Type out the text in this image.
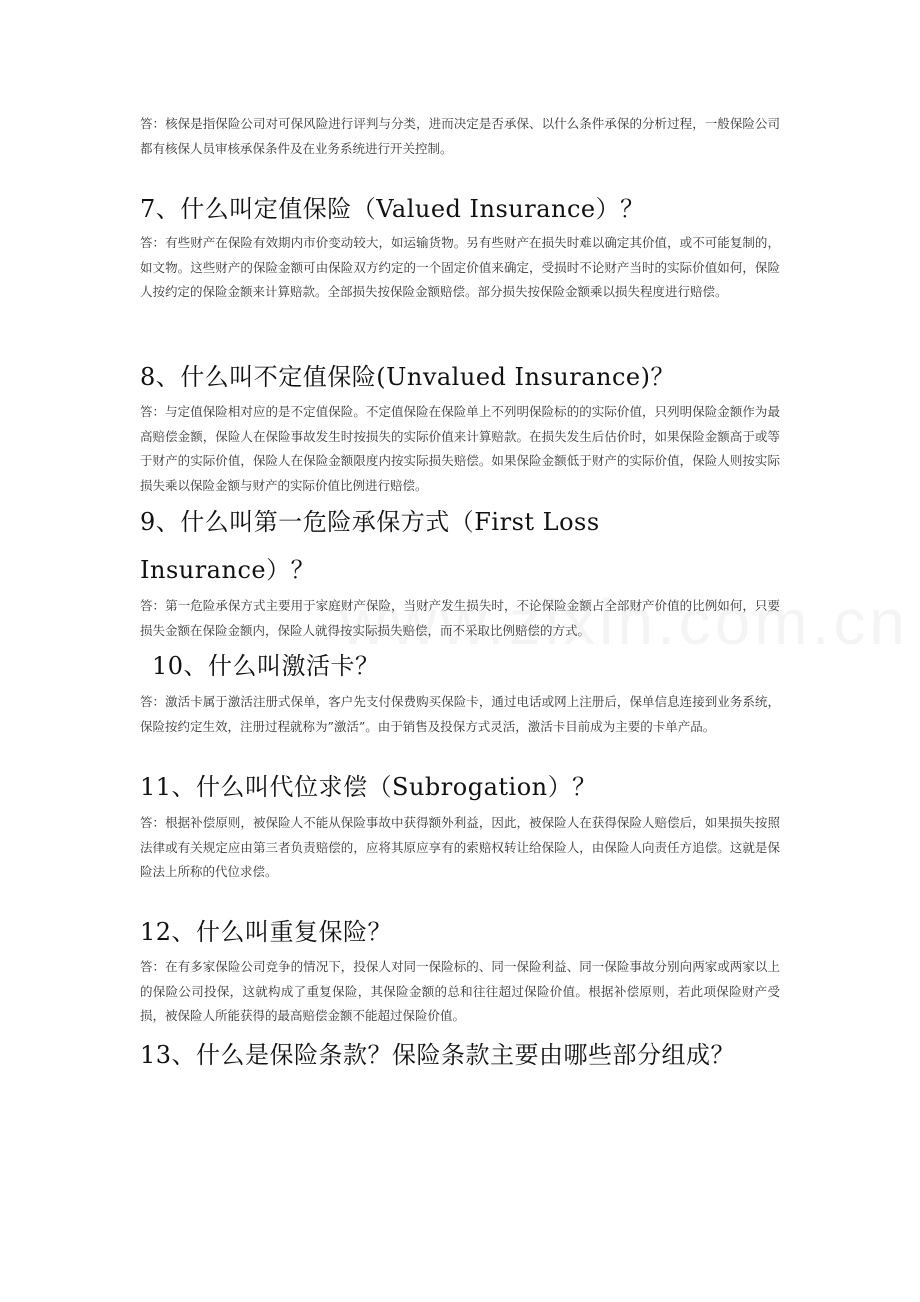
答：核保是指保险公司对可保风险进行评判与分类，进而决定是否承保、以什么条件承保的分析过程，一般保险公司都有核保人员审核承保条件及在业务系统进行开关控制。

7、什么叫定值保险（Valued Insurance）？

答：有些财产在保险有效期内市价变动较大，如运输货物。另有些财产在损失时难以确定其价值，或不可能复制的，如文物。这些财产的保险金额可由保险双方约定的一个固定价值来确定，受损时不论财产当时的实际价值如何，保险人按约定的保险金额来计算赔款。全部损失按保险金额赔偿。部分损失按保险金额乘以损失程度进行赔偿。

8、什么叫不定值保险(Unvalued Insurance)？

答：与定值保险相对应的是不定值保险。不定值保险在保险单上不列明保险标的的实际价值，只列明保险金额作为最高赔偿金额，保险人在保险事故发生时按损失的实际价值来计算赔款。在损失发生后估价时，如果保险金额高于或等于财产的实际价值，保险人在保险金额限度内按实际损失赔偿。如果保险金额低于财产的实际价值，保险人则按实际损失乘以保险金额与财产的实际价值比例进行赔偿。

9、什么叫第一危险承保方式（First Loss Insurance）？

答：第一危险承保方式主要用于家庭财产保险，当财产发生损失时，不论保险金额占全部财产价值的比例如何，只要损失金额在保险金额内，保险人就得按实际损失赔偿，而不采取比例赔偿的方式。

10、什么叫激活卡？

答：激活卡属于激活注册式保单，客户先支付保费购买保险卡，通过电话或网上注册后，保单信息连接到业务系统，保险按约定生效，注册过程就称为”激活”。由于销售及投保方式灵活，激活卡目前成为主要的卡单产品。

11、什么叫代位求偿（Subrogation）？

答：根据补偿原则，被保险人不能从保险事故中获得额外利益，因此，被保险人在获得保险人赔偿后，如果损失按照法律或有关规定应由第三者负责赔偿的，应将其原应享有的索赔权转让给保险人，由保险人向责任方追偿。这就是保险法上所称的代位求偿。

12、什么叫重复保险？

答：在有多家保险公司竞争的情况下，投保人对同一保险标的、同一保险利益、同一保险事故分别向两家或两家以上的保险公司投保，这就构成了重复保险，其保险金额的总和往往超过保险价值。根据补偿原则，若此项保险财产受损，被保险人所能获得的最高赔偿金额不能超过保险价值。

13、什么是保险条款？保险条款主要由哪些部分组成？
